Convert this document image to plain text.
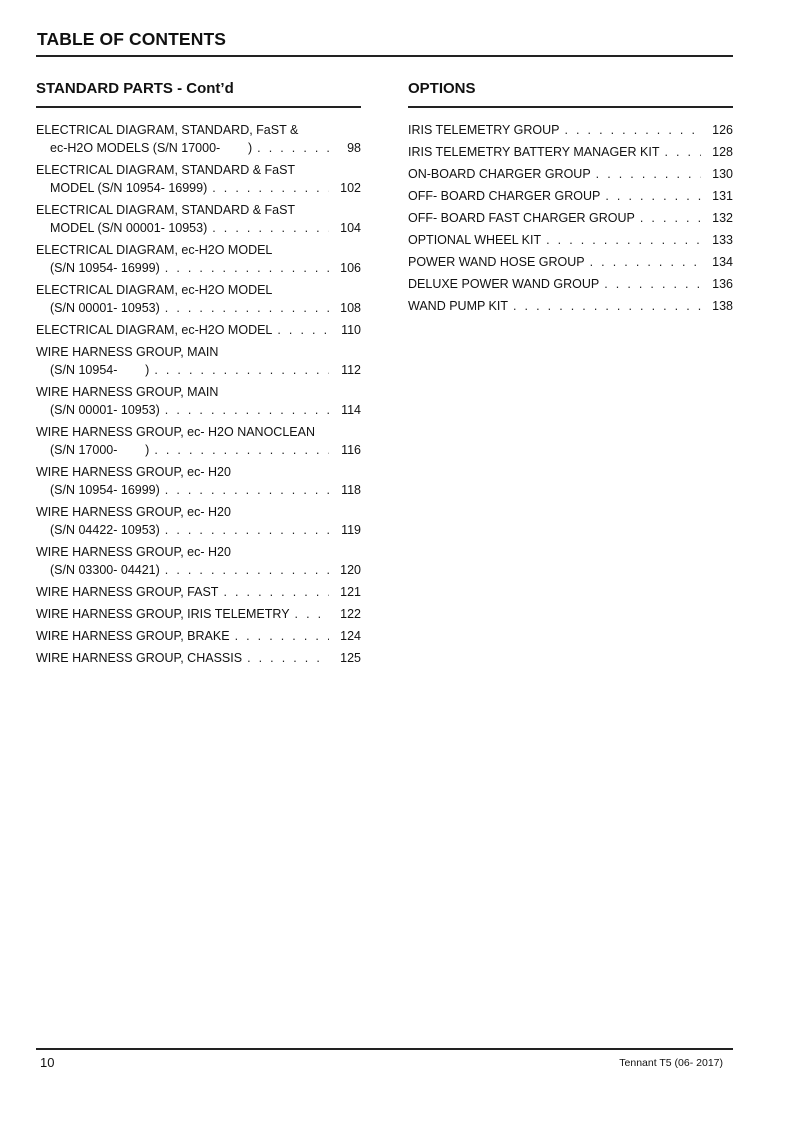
TABLE OF CONTENTS
STANDARD PARTS - Cont’d
ELECTRICAL DIAGRAM, STANDARD, FaST &
ec-H2O MODELS (S/N 17000-        ) . . .	98
ELECTRICAL DIAGRAM, STANDARD & FaST
MODEL (S/N 10954- 16999) . . .	102
ELECTRICAL DIAGRAM, STANDARD & FaST
MODEL (S/N 00001- 10953) . . .	104
ELECTRICAL DIAGRAM, ec-H2O MODEL
(S/N 10954- 16999) . . .	106
ELECTRICAL DIAGRAM, ec-H2O MODEL
(S/N 00001- 10953) . . .	108
ELECTRICAL DIAGRAM, ec-H2O MODEL . . .	110
WIRE HARNESS GROUP, MAIN
(S/N 10954-        ) . . .	112
WIRE HARNESS GROUP, MAIN
(S/N 00001- 10953) . . .	114
WIRE HARNESS GROUP, ec- H2O NANOCLEAN
(S/N 17000-        ) . . .	116
WIRE HARNESS GROUP, ec- H20
(S/N 10954- 16999) . . .	118
WIRE HARNESS GROUP, ec- H20
(S/N 04422- 10953) . . .	119
WIRE HARNESS GROUP, ec- H20
(S/N 03300- 04421) . . .	120
WIRE HARNESS GROUP, FAST . . .	121
WIRE HARNESS GROUP, IRIS TELEMETRY . . .	122
WIRE HARNESS GROUP, BRAKE . . .	124
WIRE HARNESS GROUP, CHASSIS . . .	125
OPTIONS
IRIS TELEMETRY GROUP . . .	126
IRIS TELEMETRY BATTERY MANAGER KIT . . .	128
ON-BOARD CHARGER GROUP . . .	130
OFF- BOARD CHARGER GROUP . . .	131
OFF- BOARD FAST CHARGER GROUP . . .	132
OPTIONAL WHEEL KIT . . .	133
POWER WAND HOSE GROUP . . .	134
DELUXE POWER WAND GROUP . . .	136
WAND PUMP KIT . . .	138
10	Tennant T5 (06- 2017)
